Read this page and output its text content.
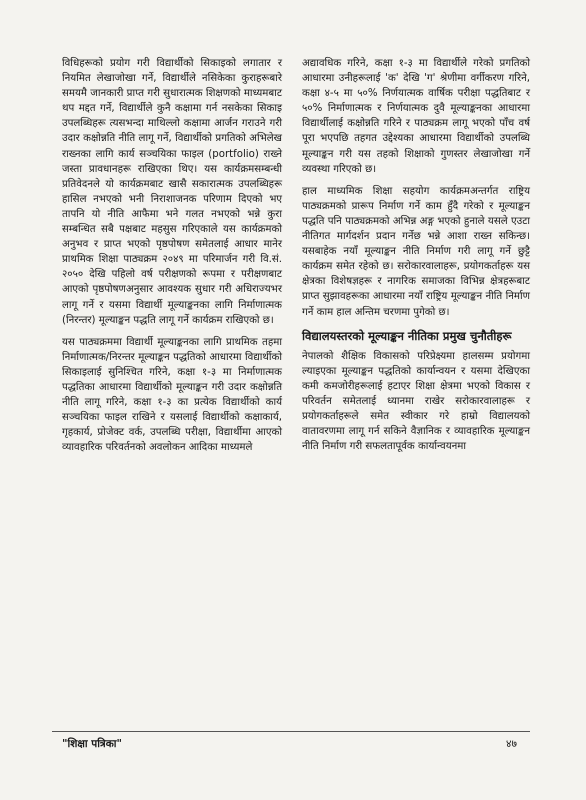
विधिहरूको प्रयोग गरी विद्यार्थीको सिकाइको लगातार र नियमित लेखाजोखा गर्ने, विद्यार्थीले नसिकेका कुराहरूबारे समयमै जानकारी प्राप्त गरी सुधारात्मक शिक्षणको माध्यमबाट थप मद्दत गर्ने, विद्यार्थीले कुनै कक्षामा गर्न नसकेका सिकाइ उपलब्धिहरू त्यसभन्दा माथिल्लो कक्षामा आर्जन गराउने गरी उदार कक्षोन्नति नीति लागू गर्ने, विद्यार्थीको प्रगतिको अभिलेख राख्नका लागि कार्य सञ्चयिका फाइल (portfolio) राख्ने जस्ता प्रावधानहरू राखिएका थिए। यस कार्यक्रमसम्बन्धी प्रतिवेदनले यो कार्यक्रमबाट खासै सकारात्मक उपलब्धिहरू हासिल नभएको भनी निराशाजनक परिणाम दिएको भए तापनि यो नीति आफैमा भने गलत नभएको भन्ने कुरा सम्बन्धित सबै पक्षबाट महसुस गरिएकाले यस कार्यक्रमको अनुभव र प्राप्त भएको पृष्ठपोषण समेतलाई आधार मानेर प्राथमिक शिक्षा पाठ्यक्रम २०४९ मा परिमार्जन गरी वि.सं. २०५० देखि पहिलो वर्ष परीक्षणको रूपमा र परीक्षणबाट आएको पृष्ठपोषणअनुसार आवश्यक सुधार गरी अधिराज्यभर लागू गर्ने र यसमा विद्यार्थी मूल्याङ्कनका लागि निर्माणात्मक (निरन्तर) मूल्याङ्कन पद्धति लागू गर्ने कार्यक्रम राखिएको छ।

यस पाठ्यक्रममा विद्यार्थी मूल्याङ्कनका लागि प्राथमिक तहमा निर्माणात्मक/निरन्तर मूल्याङ्कन पद्धतिको आधारमा विद्यार्थीको सिकाइलाई सुनिश्चित गरिने, कक्षा १-३ मा निर्माणात्मक पद्धतिका आधारमा विद्यार्थीको मूल्याङ्कन गरी उदार कक्षोन्नति नीति लागू गरिने, कक्षा १-३ का प्रत्येक विद्यार्थीको कार्य सञ्चयिका फाइल राखिने र यसलाई विद्यार्थीको कक्षाकार्य, गृहकार्य, प्रोजेक्ट वर्क, उपलब्धि परीक्षा, विद्यार्थीमा आएको व्यावहारिक परिवर्तनको अवलोकन आदिका माध्यमले

अद्यावधिक गरिने, कक्षा १-३ मा विद्यार्थीले गरेको प्रगतिको आधारमा उनीहरूलाई 'क' देखि 'ग' श्रेणीमा वर्गीकरण गरिने, कक्षा ४-५ मा ५०% निर्णयात्मक वार्षिक परीक्षा पद्धतिबाट र ५०% निर्माणात्मक र निर्णयात्मक दुवै मूल्याङ्कनका आधारमा विद्यार्थीलाई कक्षोन्नति गरिने र पाठ्यक्रम लागू भएको पाँच वर्ष पूरा भएपछि तहगत उद्देश्यका आधारमा विद्यार्थीको उपलब्धि मूल्याङ्कन गरी यस तहको शिक्षाको गुणस्तर लेखाजोखा गर्ने व्यवस्था गरिएको छ।

हाल माध्यमिक शिक्षा सहयोग कार्यक्रमअन्तर्गत राष्ट्रिय पाठ्यक्रमको प्रारूप निर्माण गर्ने काम हुँदै गरेको र मूल्याङ्कन पद्धति पनि पाठ्यक्रमको अभिन्न अङ्ग भएको हुनाले यसले एउटा नीतिगत मार्गदर्शन प्रदान गर्नेछ भन्ने आशा राख्न सकिन्छ। यसबाहेक नयाँ मूल्याङ्कन नीति निर्माण गरी लागू गर्ने छुट्टै कार्यक्रम समेत रहेको छ। सरोकारवालाहरू, प्रयोगकर्ताहरू यस क्षेत्रका विशेषज्ञहरू र नागरिक समाजका विभिन्न क्षेत्रहरूबाट प्राप्त सुझावहरूका आधारमा नयाँ राष्ट्रिय मूल्याङ्कन नीति निर्माण गर्ने काम हाल अन्तिम चरणमा पुगेको छ।

विद्यालयस्तरको मूल्याङ्कन नीतिका प्रमुख चुनौतीहरू

नेपालको शैक्षिक विकासको परिप्रेक्ष्यमा हालसम्म प्रयोगमा ल्याइएका मूल्याङ्कन पद्धतिको कार्यान्वयन र यसमा देखिएका कमी कमजोरीहरूलाई हटाएर शिक्षा क्षेत्रमा भएको विकास र परिवर्तन समेतलाई ध्यानमा राखेर सरोकारवालाहरू र प्रयोगकर्ताहरूले समेत स्वीकार गरे हाम्रो विद्यालयको वातावरणमा लागू गर्न सकिने वैज्ञानिक र व्यावहारिक मूल्याङ्कन नीति निर्माण गरी सफलतापूर्वक कार्यान्वयनमा

"शिक्षा पत्रिका"	४७
